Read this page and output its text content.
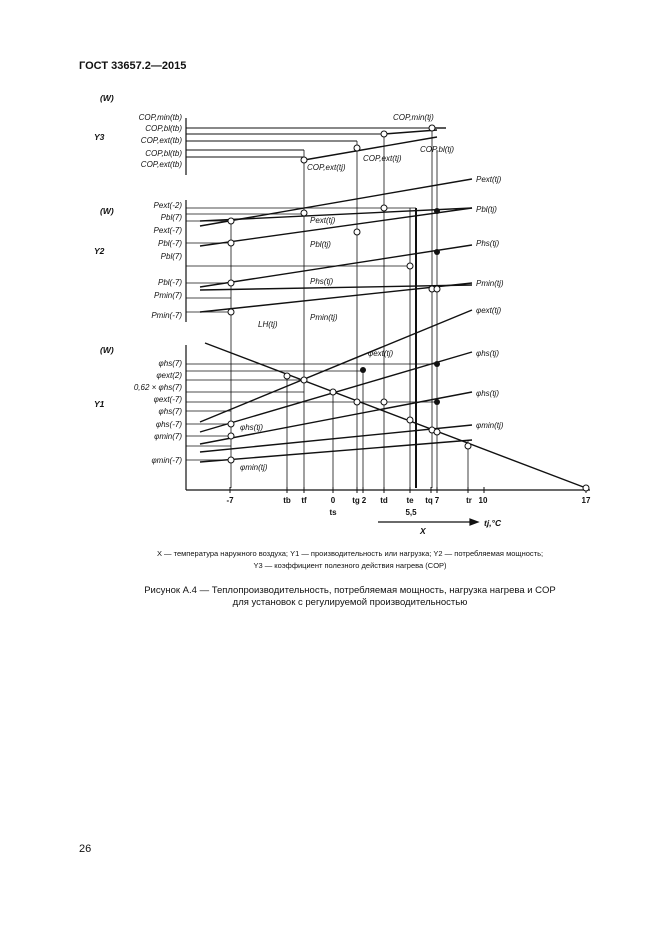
ГОСТ 33657.2—2015
(W)
Y3
(W)
Y2
(W)
Y1
X
tj,°C
COP,min(tb)
COP,bl(tb)
COP,ext(tb)
COP,bl(tb)
COP,ext(tb)
Pext(-2)
Pbl(7)
Pext(-7)
Pbl(-7)
Pbl(7)
Pbl(-7)
Pmin(7)
Pmin(-7)
φhs(7)
φext(2)
0,62 × φhs(7)
φext(-7)
φhs(7)
φhs(-7)
φmin(7)
φmin(-7)
-7	tb tf	0 tg 2 td te tq 7	tr 10	17
ts	5,5
COP,min(tj)
COP,bl(tj)
COP,ext(tj)
COP,ext(tj)
Pext(tj)
Pbl(tj)
Phs(tj)
Pmin(tj)
Pext(tj)
Pbl(tj)
Phs(tj)
Pmin(tj)
φext(tj)
φhs(tj)
φhs(tj)
φmin(tj)
φext(tj)
φhs(tj)
φmin(tj)
LH(tj)
X — температура наружного воздуха; Y1 — производительность или нагрузка; Y2 — потребляемая мощность;
Y3 — коэффициент полезного действия нагрева (COP)
Рисунок А.4 — Теплопроизводительность, потребляемая мощность, нагрузка нагрева и COP
для установок с регулируемой производительностью
26
